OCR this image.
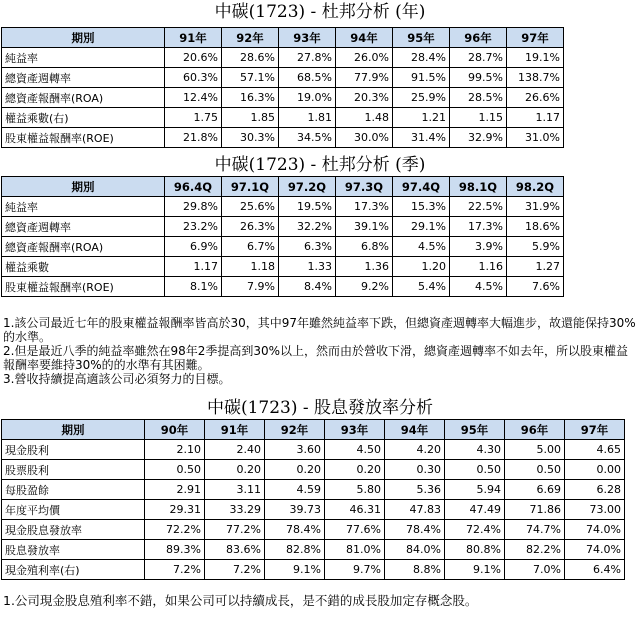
中碳(1723) - 杜邦分析 (年)
期別	91年	92年	93年	94年	95年	96年	97年
純益率	20.6%	28.6%	27.8%	26.0%	28.4%	28.7%	19.1%
總資產週轉率	60.3%	57.1%	68.5%	77.9%	91.5%	99.5%	138.7%
總資產報酬率(ROA)	12.4%	16.3%	19.0%	20.3%	25.9%	28.5%	26.6%
權益乘數(右)	1.75	1.85	1.81	1.48	1.21	1.15	1.17
股東權益報酬率(ROE)	21.8%	30.3%	34.5%	30.0%	31.4%	32.9%	31.0%
中碳(1723) - 杜邦分析 (季)
期別	96.4Q	97.1Q	97.2Q	97.3Q	97.4Q	98.1Q	98.2Q
純益率	29.8%	25.6%	19.5%	17.3%	15.3%	22.5%	31.9%
總資產週轉率	23.2%	26.3%	32.2%	39.1%	29.1%	17.3%	18.6%
總資產報酬率(ROA)	6.9%	6.7%	6.3%	6.8%	4.5%	3.9%	5.9%
權益乘數	1.17	1.18	1.33	1.36	1.20	1.16	1.27
股東權益報酬率(ROE)	8.1%	7.9%	8.4%	9.2%	5.4%	4.5%	7.6%

1.該公司最近七年的股東權益報酬率皆高於30，其中97年雖然純益率下跌，但總資產週轉率大幅進步，故還能保持30%的水準。

2.但是最近八季的純益率雖然在98年2季提高到30%以上，然而由於營收下滑，總資產週轉率不如去年，所以股東權益報酬率要維持30%的的水準有其困難。

3.營收持續提高適該公司必須努力的目標。

中碳(1723) - 股息發放率分析
期別	90年	91年	92年	93年	94年	95年	96年	97年
現金股利	2.10	2.40	3.60	4.50	4.20	4.30	5.00	4.65
股票股利	0.50	0.20	0.20	0.20	0.30	0.50	0.50	0.00
每股盈餘	2.91	3.11	4.59	5.80	5.36	5.94	6.69	6.28
年度平均價	29.31	33.29	39.73	46.31	47.83	47.49	71.86	73.00
現金股息發放率	72.2%	77.2%	78.4%	77.6%	78.4%	72.4%	74.7%	74.0%
股息發放率	89.3%	83.6%	82.8%	81.0%	84.0%	80.8%	82.2%	74.0%
現金殖利率(右)	7.2%	7.2%	9.1%	9.7%	8.8%	9.1%	7.0%	6.4%

1.公司現金股息殖利率不錯，如果公司可以持續成長，是不錯的成長股加定存概念股。
